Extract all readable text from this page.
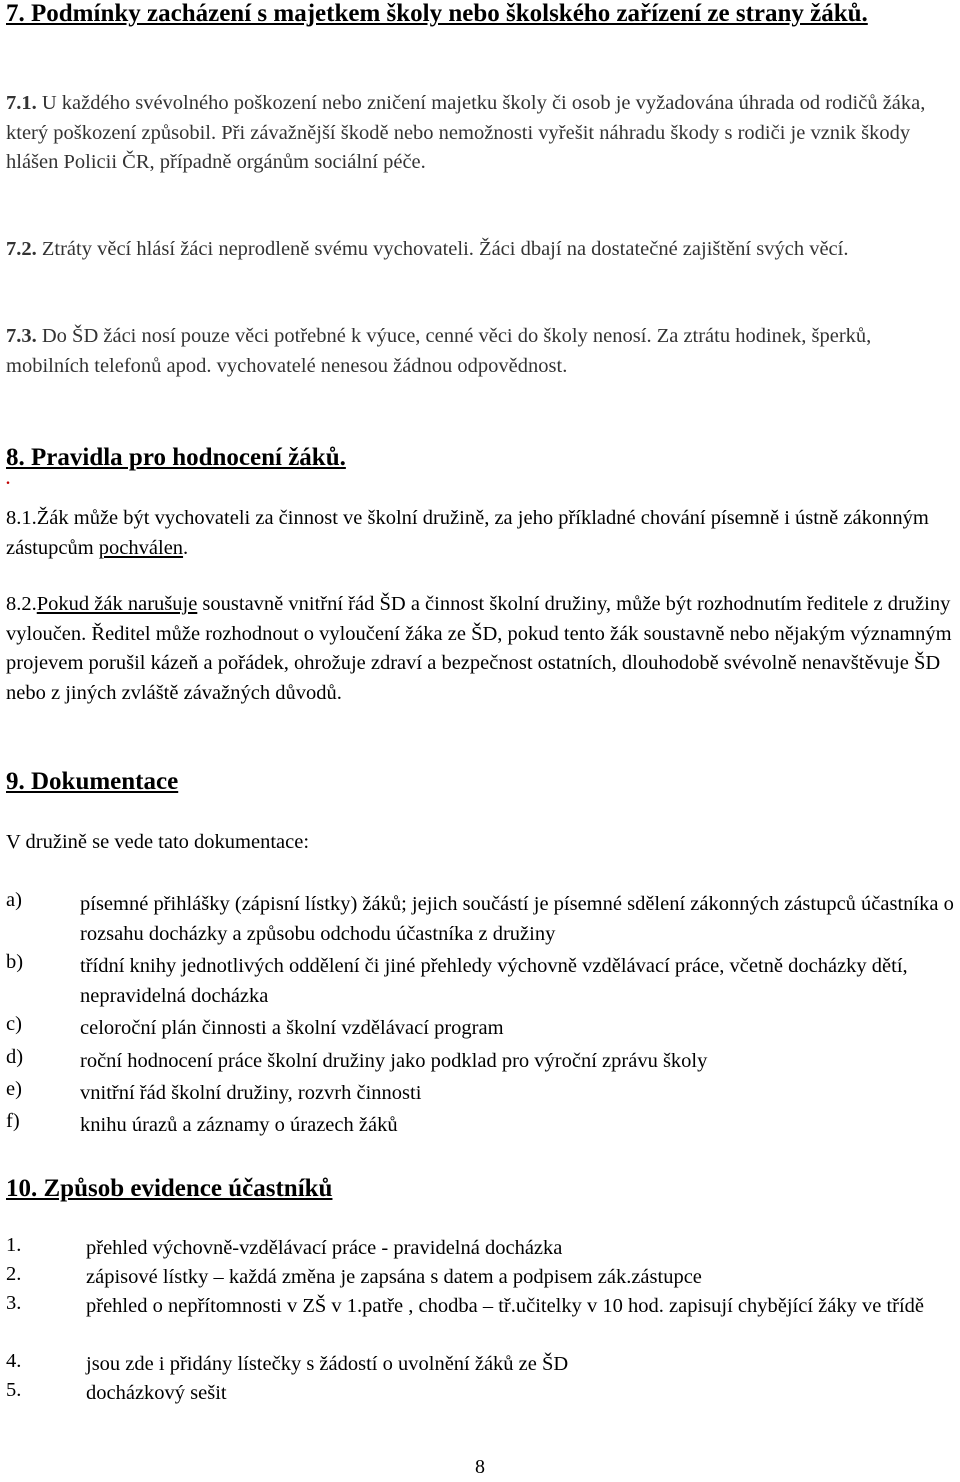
7. Podmínky zacházení s majetkem školy nebo školského zařízení ze strany žáků.

7.1. U každého svévolného poškození nebo zničení majetku školy či osob je vyžadována úhrada od rodičů žáka, který poškození způsobil. Při závažnější škodě nebo nemožnosti vyřešit náhradu škody s rodiči je vznik škody hlášen Policii ČR, případně orgánům sociální péče.

7.2. Ztráty věcí hlásí žáci neprodleně svému vychovateli. Žáci dbají na dostatečné zajištění svých věcí.

7.3. Do ŠD žáci nosí pouze věci potřebné k výuce, cenné věci do školy nenosí. Za ztrátu hodinek, šperků, mobilních telefonů apod. vychovatelé nenesou žádnou odpovědnost.

8. Pravidla pro hodnocení žáků.

.

8.1.Žák může být vychovateli za činnost ve školní družině, za jeho příkladné chování písemně i ústně zákonným zástupcům pochválen.

8.2.Pokud žák narušuje soustavně vnitřní řád ŠD a činnost školní družiny, může být rozhodnutím ředitele z družiny vyloučen. Ředitel může rozhodnout o vyloučení žáka ze ŠD, pokud tento žák soustavně nebo nějakým významným projevem porušil kázeň a pořádek, ohrožuje zdraví a bezpečnost ostatních, dlouhodobě svévolně nenavštěvuje ŠD nebo z jiných zvláště závažných důvodů.

9. Dokumentace

V družině se vede tato dokumentace:

a)	písemné přihlášky (zápisní lístky) žáků; jejich součástí je písemné sdělení zákonných zástupců účastníka o rozsahu docházky a způsobu odchodu účastníka z družiny
b)	třídní knihy jednotlivých oddělení či jiné přehledy výchovně vzdělávací práce, včetně docházky dětí, nepravidelná docházka
c)	celoroční plán činnosti a školní vzdělávací program
d)	roční hodnocení práce školní družiny jako podklad pro výroční zprávu školy
e)	vnitřní řád školní družiny, rozvrh činnosti
f)	knihu úrazů a záznamy o úrazech žáků

10. Způsob evidence účastníků

1.	přehled výchovně-vzdělávací práce - pravidelná docházka
2.	zápisové lístky – každá změna je zapsána s datem a podpisem zák.zástupce
3.	přehled o nepřítomnosti v ZŠ v 1.patře , chodba – tř.učitelky v 10 hod. zapisují chybějící žáky ve třídě
4.	jsou zde i přidány lístečky s žádostí o uvolnění žáků ze ŠD
5.	docházkový sešit
8
